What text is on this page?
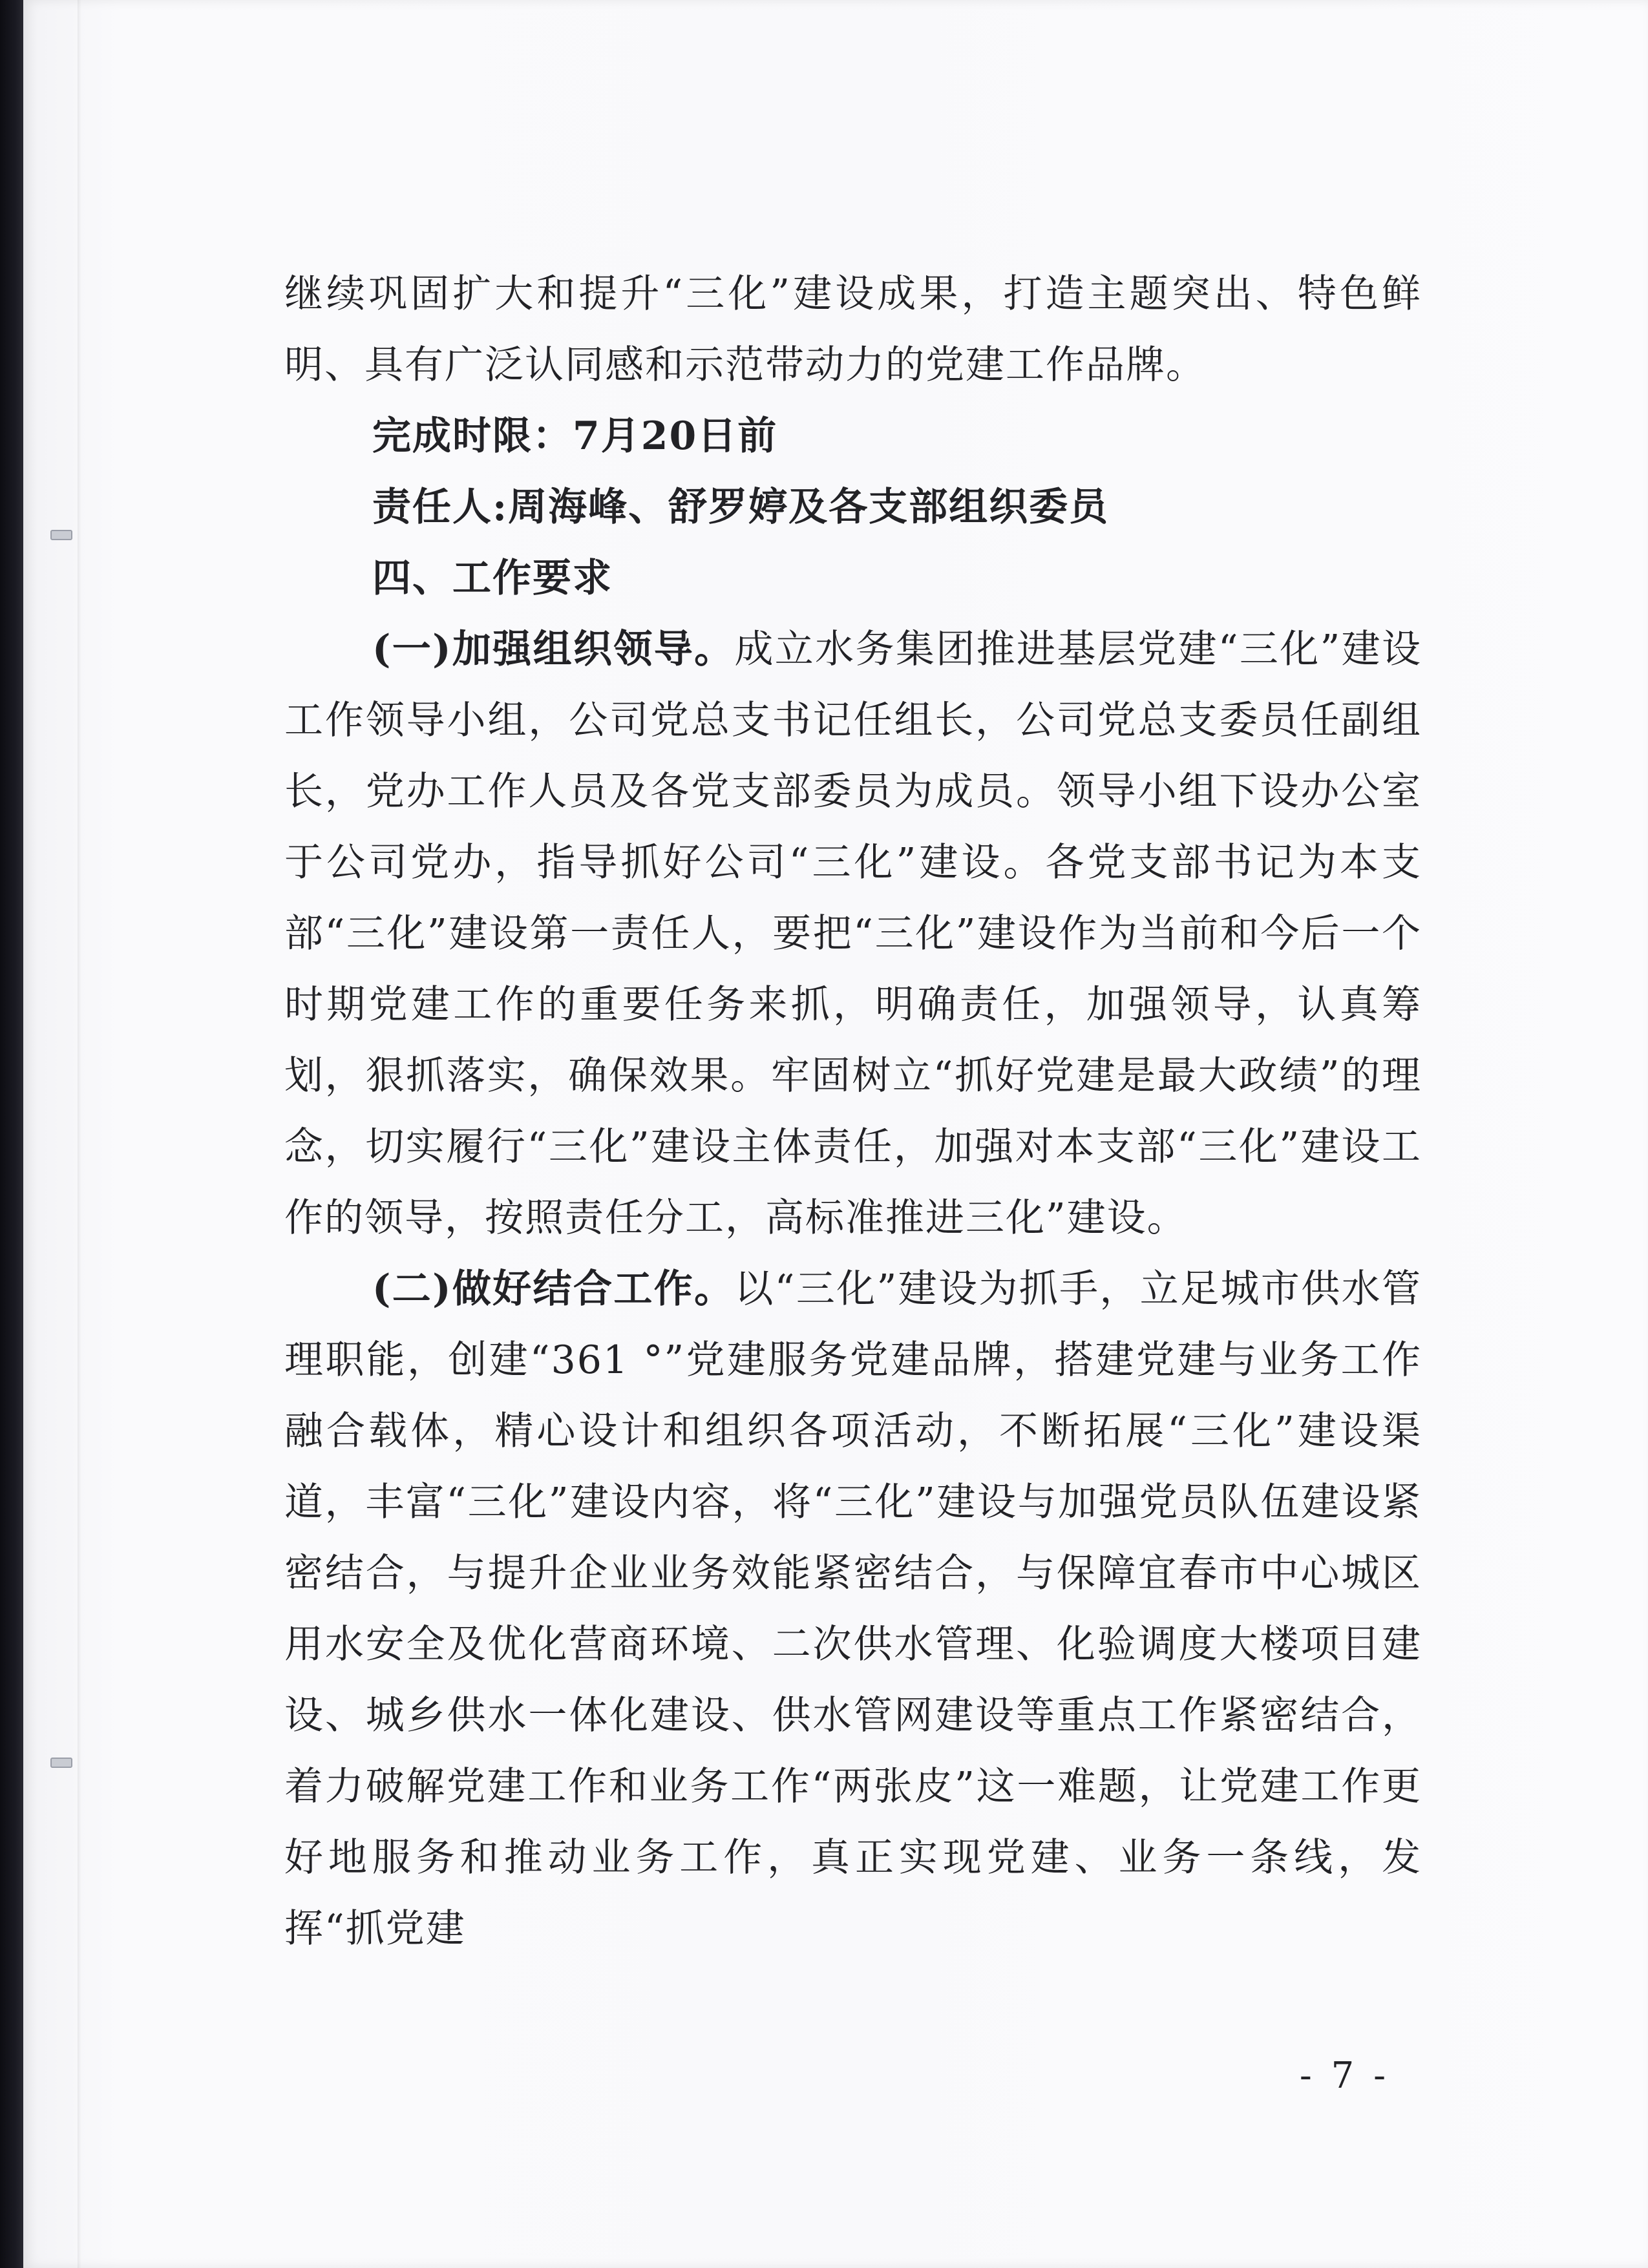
继续巩固扩大和提升“三化”建设成果，打造主题突出、特色鲜明、具有广泛认同感和示范带动力的党建工作品牌。

完成时限：7月20日前

责任人:周海峰、舒罗婷及各支部组织委员

四、工作要求

(一)加强组织领导。成立水务集团推进基层党建“三化”建设工作领导小组，公司党总支书记任组长，公司党总支委员任副组长，党办工作人员及各党支部委员为成员。领导小组下设办公室于公司党办，指导抓好公司“三化”建设。各党支部书记为本支部“三化”建设第一责任人，要把“三化”建设作为当前和今后一个时期党建工作的重要任务来抓，明确责任，加强领导，认真筹划，狠抓落实，确保效果。牢固树立“抓好党建是最大政绩”的理念，切实履行“三化”建设主体责任，加强对本支部“三化”建设工作的领导，按照责任分工，高标准推进三化”建设。

(二)做好结合工作。以“三化”建设为抓手，立足城市供水管理职能，创建“361 °”党建服务党建品牌，搭建党建与业务工作融合载体，精心设计和组织各项活动，不断拓展“三化”建设渠道，丰富“三化”建设内容，将“三化”建设与加强党员队伍建设紧密结合，与提升企业业务效能紧密结合，与保障宜春市中心城区用水安全及优化营商环境、二次供水管理、化验调度大楼项目建设、城乡供水一体化建设、供水管网建设等重点工作紧密结合，着力破解党建工作和业务工作“两张皮”这一难题，让党建工作更好地服务和推动业务工作，真正实现党建、业务一条线，发挥“抓党建

- 7 -
